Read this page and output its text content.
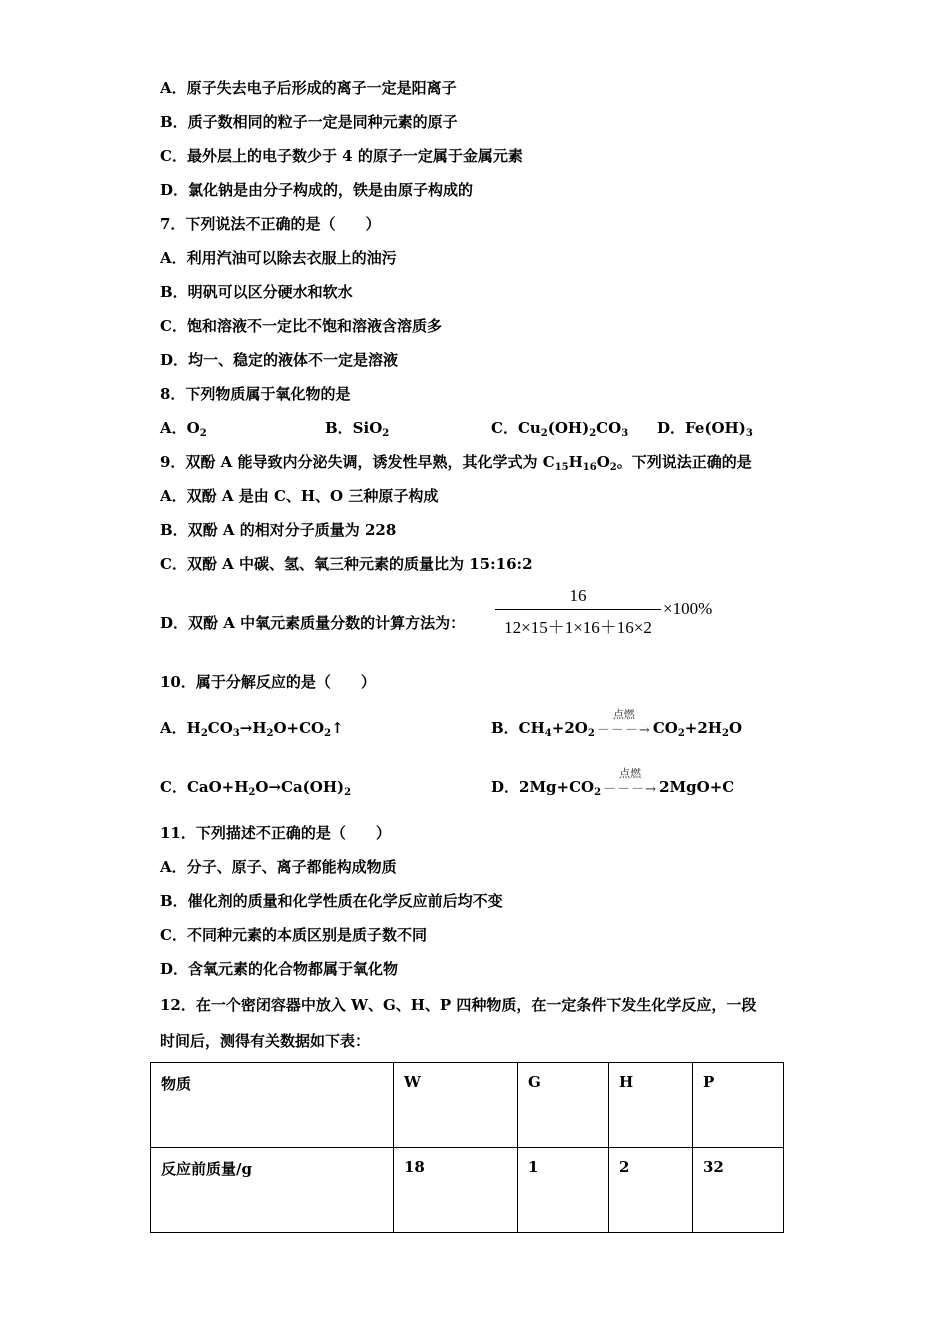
A．原子失去电子后形成的离子一定是阳离子
B．质子数相同的粒子一定是同种元素的原子
C．最外层上的电子数少于 4 的原子一定属于金属元素
D．氯化钠是由分子构成的，铁是由原子构成的
7．下列说法不正确的是（　　）
A．利用汽油可以除去衣服上的油污
B．明矾可以区分硬水和软水
C．饱和溶液不一定比不饱和溶液含溶质多
D．均一、稳定的液体不一定是溶液
8．下列物质属于氧化物的是
A．$O_2$	B．SiO$_2$	C．$Cu_2(OH)_2CO_3$ D．$Fe(OH)_3$
9．双酚 A 能导致内分泌失调，诱发性早熟，其化学式为 $C_{15}H_{16}O_2$。下列说法正确的是
A．双酚 A 是由 C、H、O 三种原子构成
B．双酚 A 的相对分子质量为 228
C．双酚 A 中碳、氢、氧三种元素的质量比为 15:16:2
D．双酚 A 中氧元素质量分数的计算方法为：
16
12×15＋1×16＋16×2
×100%
10．属于分解反应的是（　　）
A．$H_2CO_3\to H_2O+CO_2↑$	B．$CH_4+2O_2$
点燃
－－－→ $CO_2+2H_2O$
C．$CaO+H_2O\to Ca(OH)_2$	D．$2Mg+CO_2$
点燃
－－－→ 2MgO+C
11．下列描述不正确的是（　　）
A．分子、原子、离子都能构成物质
B．催化剂的质量和化学性质在化学反应前后均不变
C．不同种元素的本质区别是质子数不同
D．含氧元素的化合物都属于氧化物
12．在一个密闭容器中放入 W、G、H、P 四种物质，在一定条件下发生化学反应，一段
时间后，测得有关数据如下表：
物质	W	G	H	P
反应前质量/g	18	1	2	32
